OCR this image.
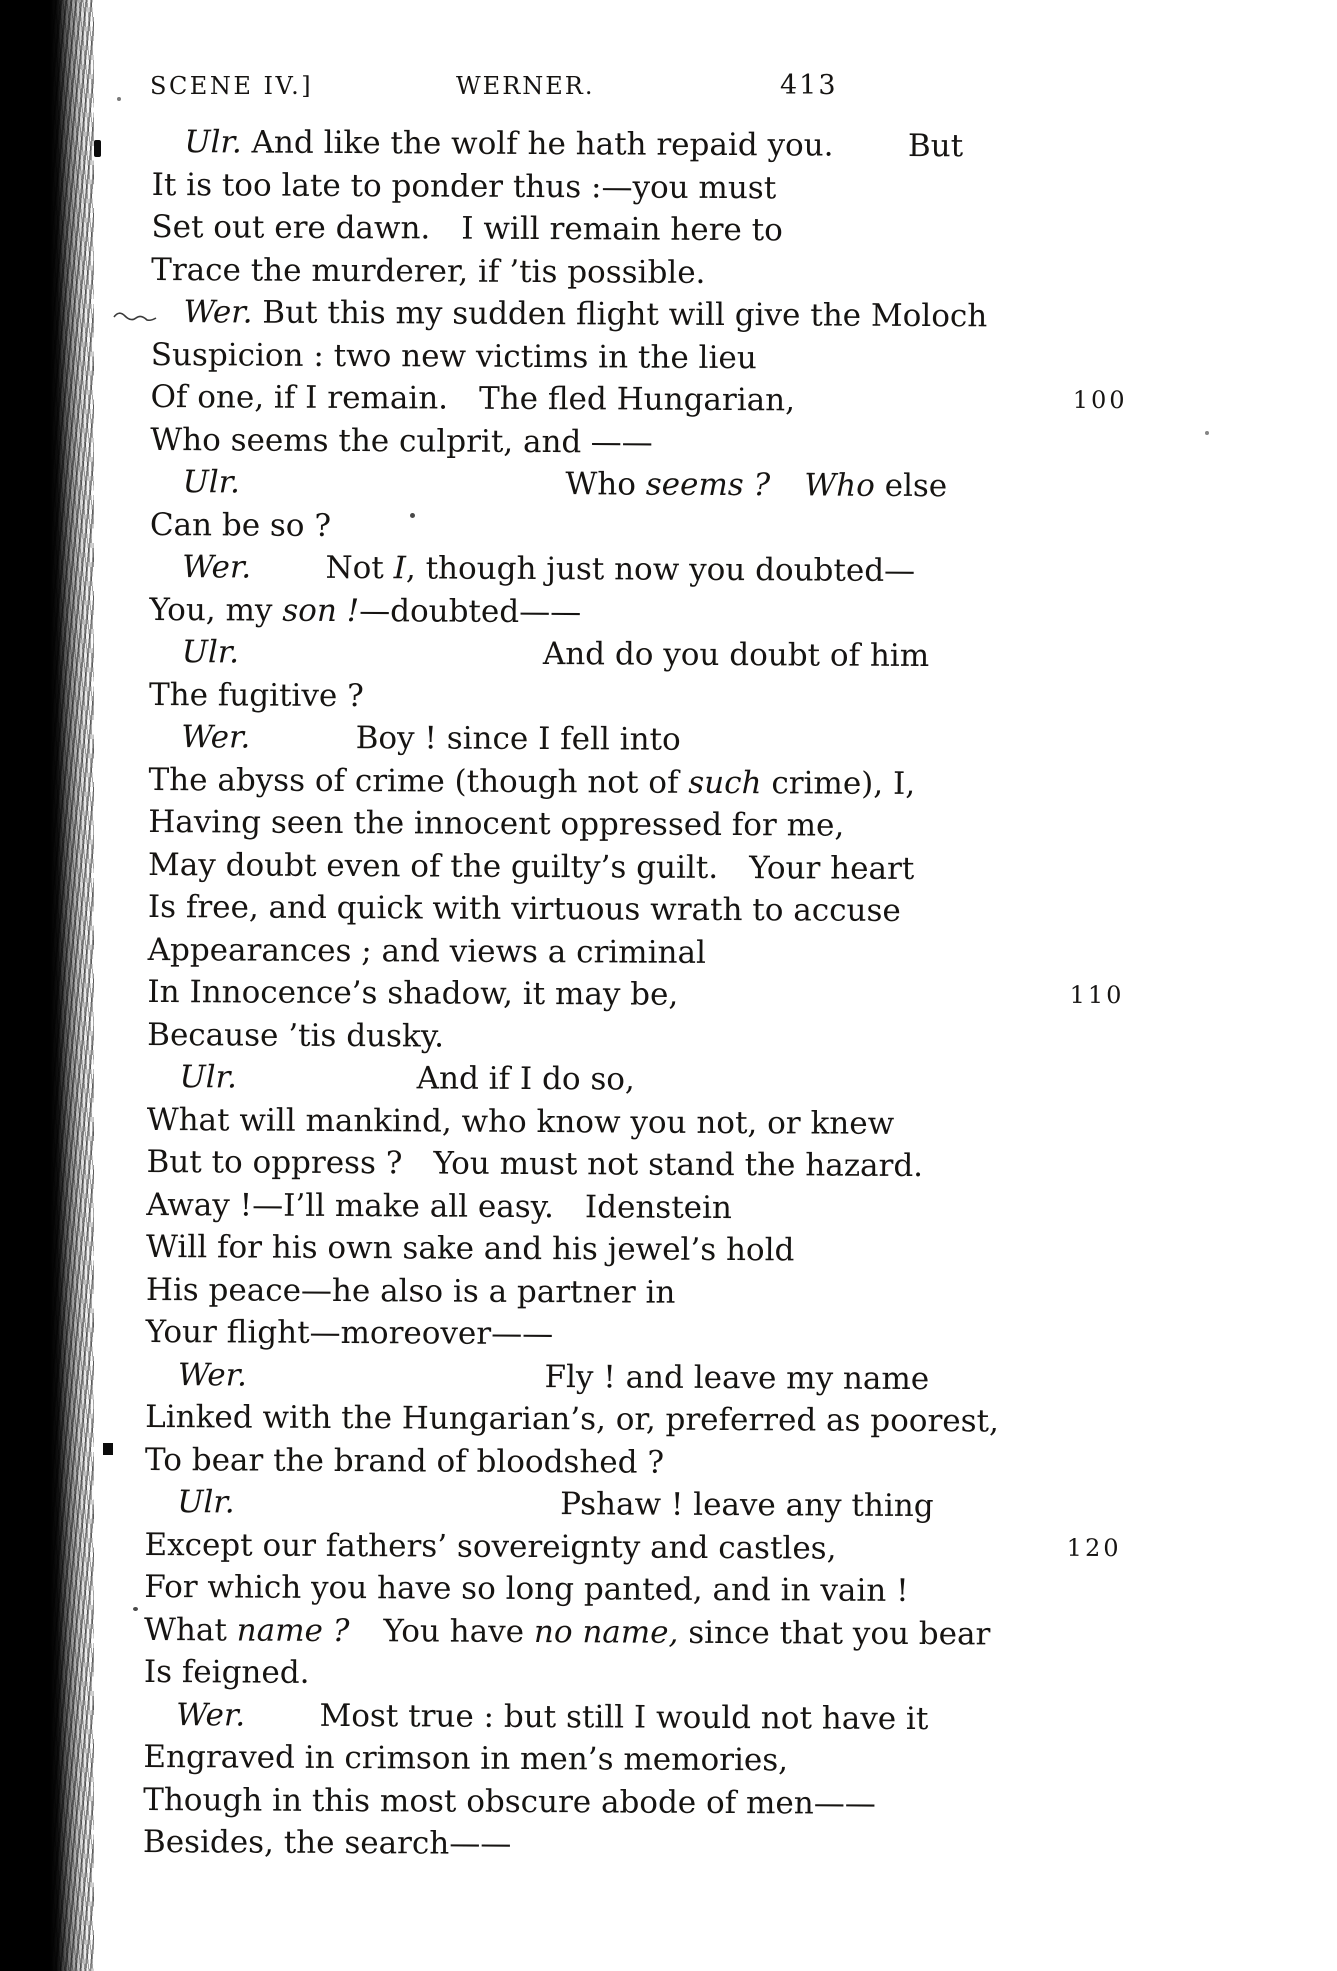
SCENE IV.]	WERNER.	413
Ulr. And like the wolf he hath repaid you. But
It is too late to ponder thus :—you must
Set out ere dawn. I will remain here to
Trace the murderer, if ’tis possible.
Wer. But this my sudden flight will give the Moloch
Suspicion : two new victims in the lieu
Of one, if I remain. The fled Hungarian,	100
Who seems the culprit, and ——
Ulr.	Who seems ? Who else
Can be so ?
Wer. Not I, though just now you doubted—
You, my son !—doubted——
Ulr.	And do you doubt of him
The fugitive ?
Wer.	Boy ! since I fell into
The abyss of crime (though not of such crime), I,
Having seen the innocent oppressed for me,
May doubt even of the guilty’s guilt. Your heart
Is free, and quick with virtuous wrath to accuse
Appearances ; and views a criminal
In Innocence’s shadow, it may be,	110
Because ’tis dusky.
Ulr.	And if I do so,
What will mankind, who know you not, or knew
But to oppress ? You must not stand the hazard.
Away !—I’ll make all easy. Idenstein
Will for his own sake and his jewel’s hold
His peace—he also is a partner in
Your flight—moreover——
Wer.	Fly ! and leave my name
Linked with the Hungarian’s, or, preferred as poorest,
To bear the brand of bloodshed ?
Ulr.	Pshaw ! leave any thing
Except our fathers’ sovereignty and castles,	120
For which you have so long panted, and in vain !
What name ? You have no name, since that you bear
Is feigned.
Wer. Most true : but still I would not have it
Engraved in crimson in men’s memories,
Though in this most obscure abode of men——
Besides, the search——
